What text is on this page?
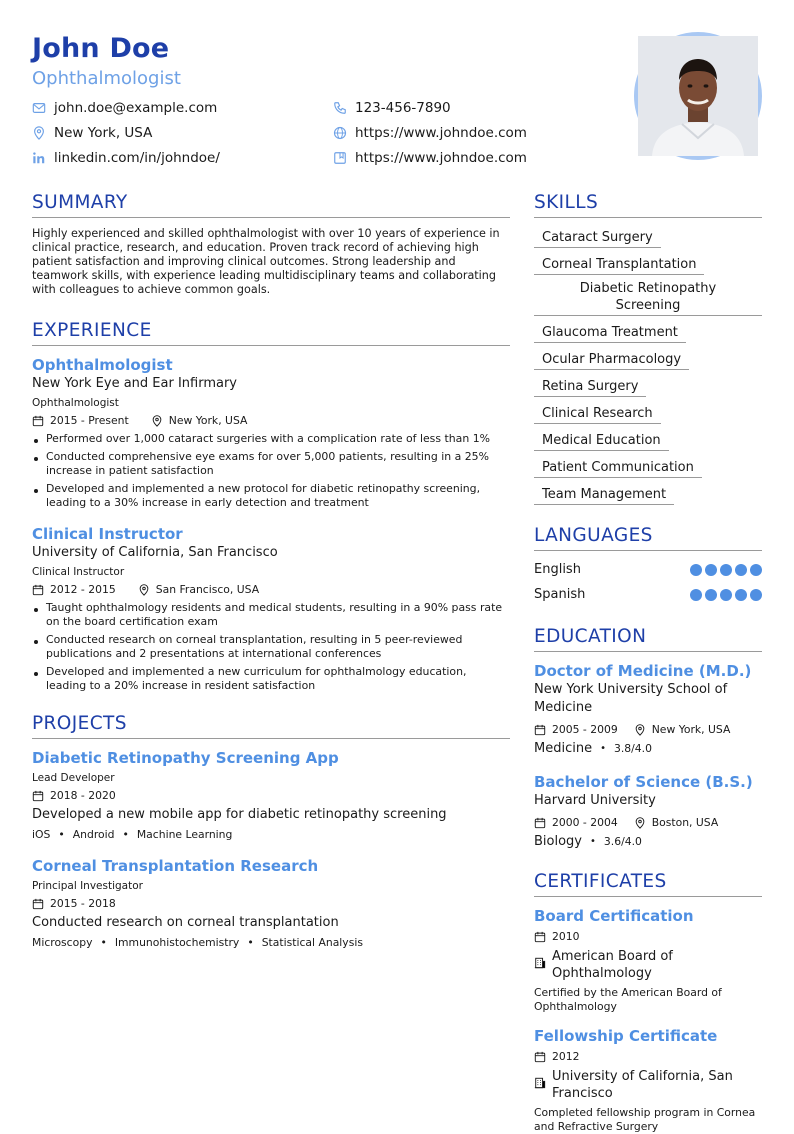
John Doe
Ophthalmologist
john.doe@example.com	123-456-7890
New York, USA	https://www.johndoe.com
linkedin.com/in/johndoe/	https://www.johndoe.com
SUMMARY
Highly experienced and skilled ophthalmologist with over 10 years of experience in clinical practice, research, and education. Proven track record of achieving high patient satisfaction and improving clinical outcomes. Strong leadership and teamwork skills, with experience leading multidisciplinary teams and collaborating with colleagues to achieve common goals.
EXPERIENCE
Ophthalmologist
New York Eye and Ear Infirmary
Ophthalmologist
2015 - Present	New York, USA
Performed over 1,000 cataract surgeries with a complication rate of less than 1%
Conducted comprehensive eye exams for over 5,000 patients, resulting in a 25% increase in patient satisfaction
Developed and implemented a new protocol for diabetic retinopathy screening, leading to a 30% increase in early detection and treatment
Clinical Instructor
University of California, San Francisco
Clinical Instructor
2012 - 2015	San Francisco, USA
Taught ophthalmology residents and medical students, resulting in a 90% pass rate on the board certification exam
Conducted research on corneal transplantation, resulting in 5 peer-reviewed publications and 2 presentations at international conferences
Developed and implemented a new curriculum for ophthalmology education, leading to a 20% increase in resident satisfaction
PROJECTS
Diabetic Retinopathy Screening App
Lead Developer
2018 - 2020
Developed a new mobile app for diabetic retinopathy screening
iOS • Android • Machine Learning
Corneal Transplantation Research
Principal Investigator
2015 - 2018
Conducted research on corneal transplantation
Microscopy • Immunohistochemistry • Statistical Analysis
SKILLS
Cataract Surgery
Corneal Transplantation
Diabetic Retinopathy Screening
Glaucoma Treatment
Ocular Pharmacology
Retina Surgery
Clinical Research
Medical Education
Patient Communication
Team Management
LANGUAGES
English
Spanish
EDUCATION
Doctor of Medicine (M.D.)
New York University School of Medicine
2005 - 2009	New York, USA
Medicine • 3.8/4.0
Bachelor of Science (B.S.)
Harvard University
2000 - 2004	Boston, USA
Biology • 3.6/4.0
CERTIFICATES
Board Certification
2010
American Board of Ophthalmology
Certified by the American Board of Ophthalmology
Fellowship Certificate
2012
University of California, San Francisco
Completed fellowship program in Cornea and Refractive Surgery
